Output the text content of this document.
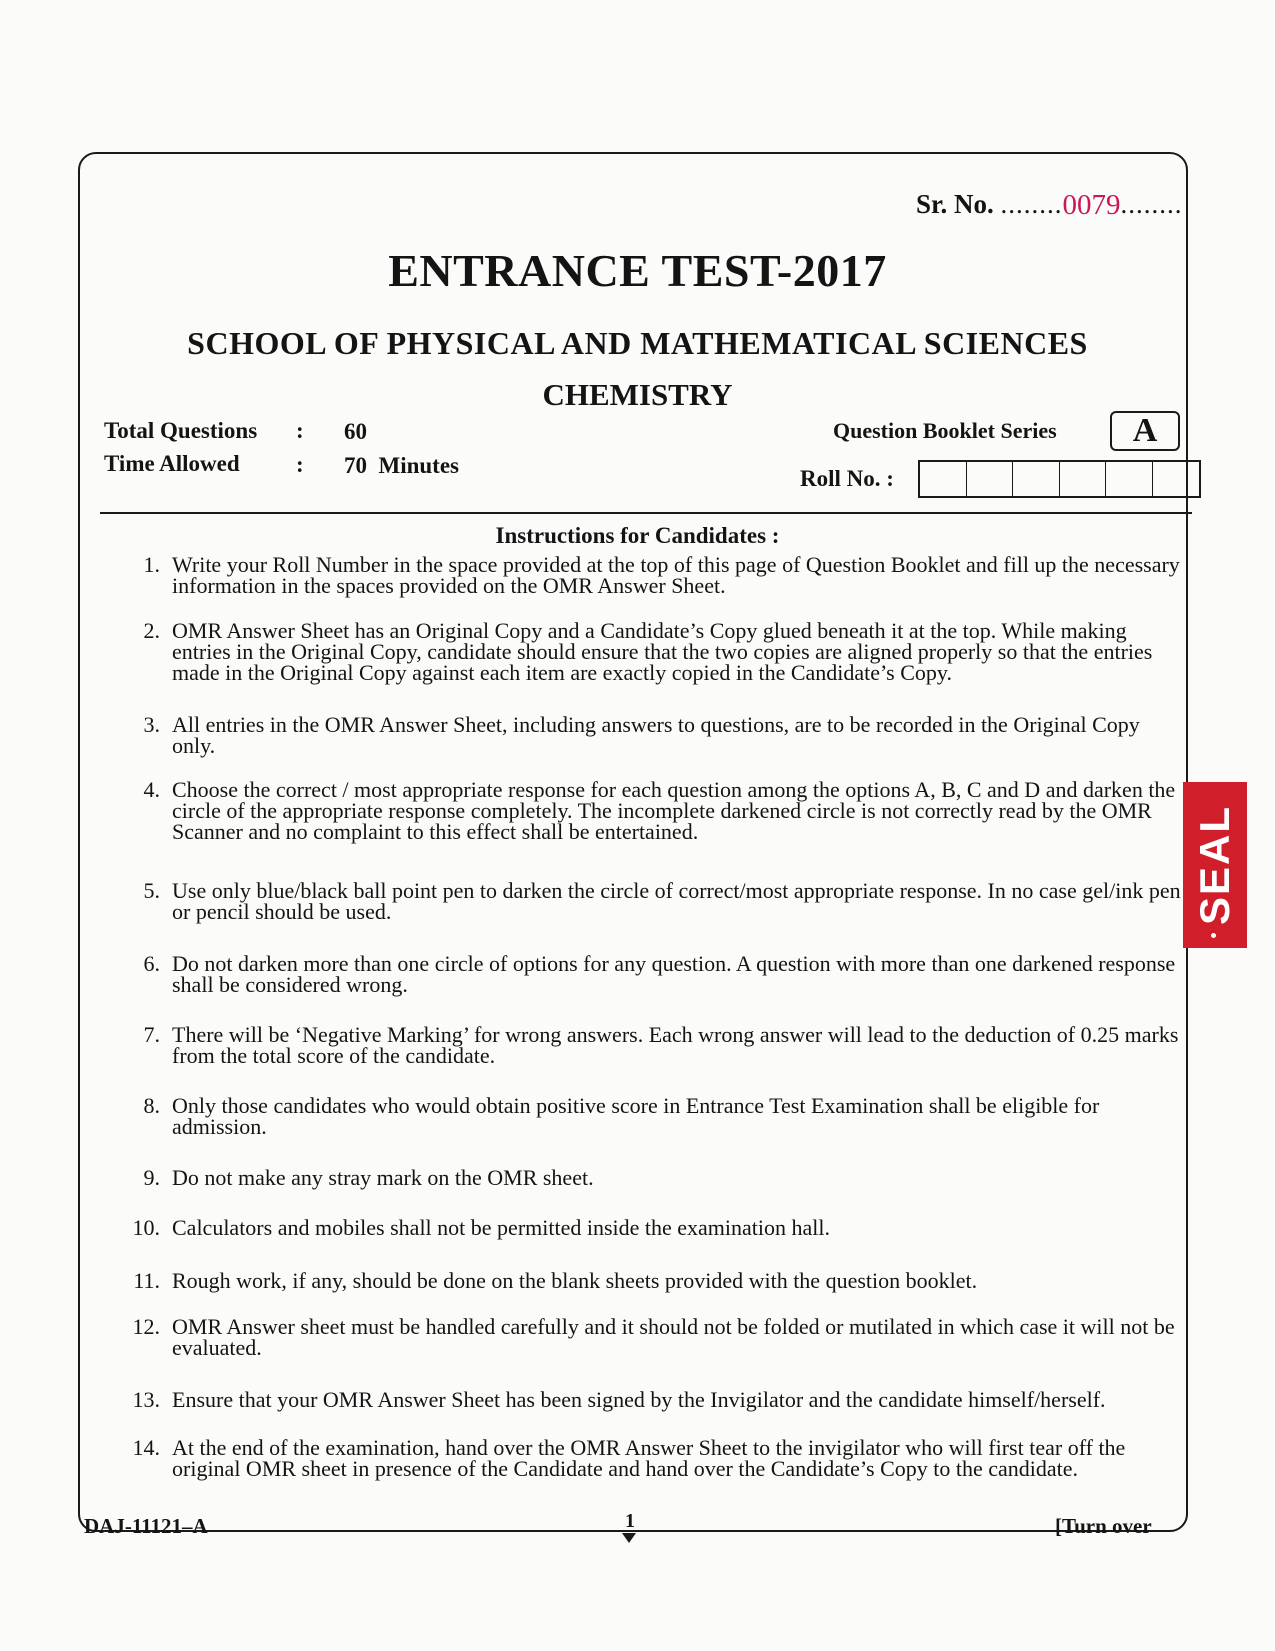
Sr. No. ........0079........
ENTRANCE TEST-2017
SCHOOL OF PHYSICAL AND MATHEMATICAL SCIENCES
CHEMISTRY
Total Questions : 60
Time Allowed : 70  Minutes
Question Booklet Series	A
Roll No. :
Instructions for Candidates :
1. Write your Roll Number in the space provided at the top of this page of Question Booklet and fill up the necessary information in the spaces provided on the OMR Answer Sheet.
2. OMR Answer Sheet has an Original Copy and a Candidate’s Copy glued beneath it at the top. While making entries in the Original Copy, candidate should ensure that the two copies are aligned properly so that the entries made in the Original Copy against each item are exactly copied in the Candidate’s Copy.
3. All entries in the OMR Answer Sheet, including answers to questions, are to be recorded in the Original Copy only.
4. Choose the correct / most appropriate response for each question among the options A, B, C and D and darken the circle of the appropriate response completely. The incomplete darkened circle is not correctly read by the OMR Scanner and no complaint to this effect shall be entertained.
5. Use only blue/black ball point pen to darken the circle of correct/most appropriate response. In no case gel/ink pen or pencil should be used.
6. Do not darken more than one circle of options for any question. A question with more than one darkened response shall be considered wrong.
7. There will be ‘Negative Marking’ for wrong answers. Each wrong answer will lead to the deduction of 0.25 marks from the total score of the candidate.
8. Only those candidates who would obtain positive score in Entrance Test Examination shall be eligible for admission.
9. Do not make any stray mark on the OMR sheet.
10. Calculators and mobiles shall not be permitted inside the examination hall.
11. Rough work, if any, should be done on the blank sheets provided with the question booklet.
12. OMR Answer sheet must be handled carefully and it should not be folded or mutilated in which case it will not be evaluated.
13. Ensure that your OMR Answer Sheet has been signed by the Invigilator and the candidate himself/herself.
14. At the end of the examination, hand over the OMR Answer Sheet to the invigilator who will first tear off the original OMR sheet in presence of the Candidate and hand over the Candidate’s Copy to the candidate.
DAJ-11121–A	1	[Turn over
SEAL
